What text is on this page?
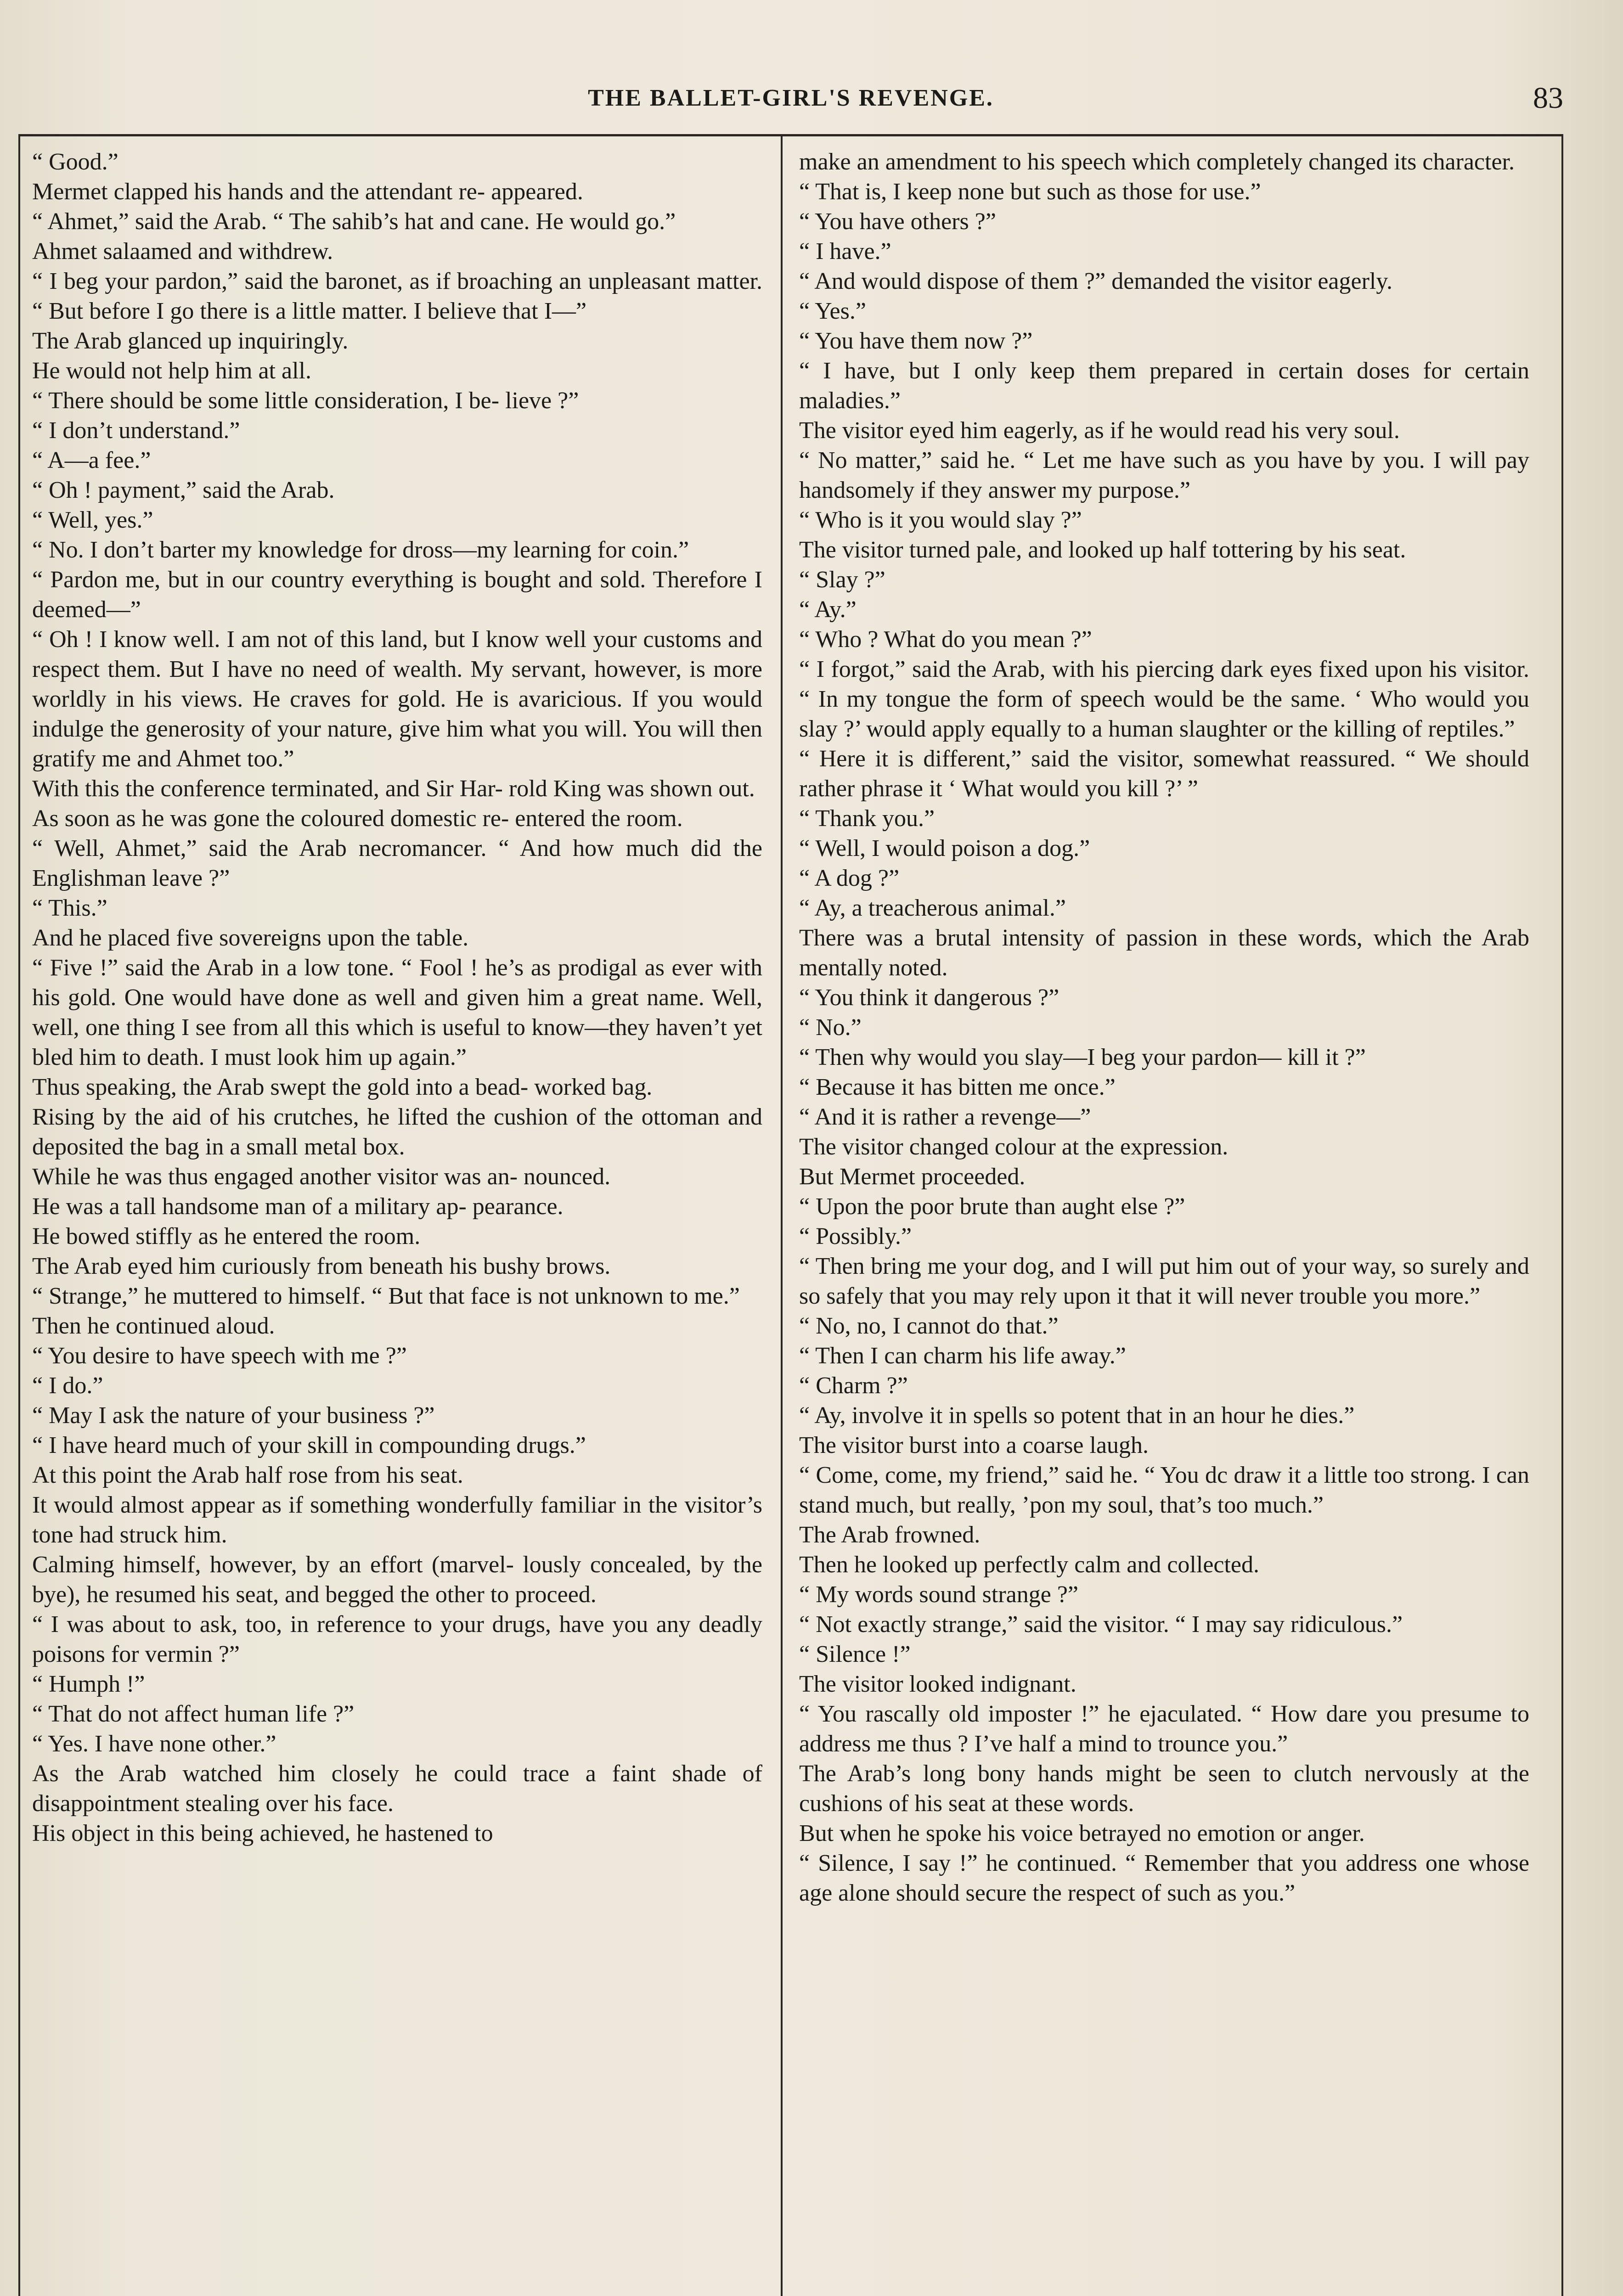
THE BALLET-GIRL'S REVENGE.	83

“ Good.”

Mermet clapped his hands and the attendant re- appeared.

“ Ahmet,” said the Arab. “ The sahib’s hat and cane. He would go.”

Ahmet salaamed and withdrew.

“ I beg your pardon,” said the baronet, as if broaching an unpleasant matter. “ But before I go there is a little matter. I believe that I—”

The Arab glanced up inquiringly.

He would not help him at all.

“ There should be some little consideration, I be- lieve ?”

“ I don’t understand.”

“ A—a fee.”

“ Oh ! payment,” said the Arab.

“ Well, yes.”

“ No. I don’t barter my knowledge for dross—my learning for coin.”

“ Pardon me, but in our country everything is bought and sold. Therefore I deemed—”

“ Oh ! I know well. I am not of this land, but I know well your customs and respect them. But I have no need of wealth. My servant, however, is more worldly in his views. He craves for gold. He is avaricious. If you would indulge the generosity of your nature, give him what you will. You will then gratify me and Ahmet too.”

With this the conference terminated, and Sir Har- rold King was shown out.

As soon as he was gone the coloured domestic re- entered the room.

“ Well, Ahmet,” said the Arab necromancer. “ And how much did the Englishman leave ?”

“ This.”

And he placed five sovereigns upon the table.

“ Five !” said the Arab in a low tone. “ Fool ! he’s as prodigal as ever with his gold. One would have done as well and given him a great name. Well, well, one thing I see from all this which is useful to know—they haven’t yet bled him to death. I must look him up again.”

Thus speaking, the Arab swept the gold into a bead- worked bag.

Rising by the aid of his crutches, he lifted the cushion of the ottoman and deposited the bag in a small metal box.

While he was thus engaged another visitor was an- nounced.

He was a tall handsome man of a military ap- pearance.

He bowed stiffly as he entered the room.

The Arab eyed him curiously from beneath his bushy brows.

“ Strange,” he muttered to himself. “ But that face is not unknown to me.”

Then he continued aloud.

“ You desire to have speech with me ?”

“ I do.”

“ May I ask the nature of your business ?”

“ I have heard much of your skill in compounding drugs.”

At this point the Arab half rose from his seat.

It would almost appear as if something wonderfully familiar in the visitor’s tone had struck him.

Calming himself, however, by an effort (marvel- lously concealed, by the bye), he resumed his seat, and begged the other to proceed.

“ I was about to ask, too, in reference to your drugs, have you any deadly poisons for vermin ?”

“ Humph !”

“ That do not affect human life ?”

“ Yes. I have none other.”

As the Arab watched him closely he could trace a faint shade of disappointment stealing over his face.

His object in this being achieved, he hastened to

make an amendment to his speech which completely changed its character.

“ That is, I keep none but such as those for use.”

“ You have others ?”

“ I have.”

“ And would dispose of them ?” demanded the visitor eagerly.

“ Yes.”

“ You have them now ?”

“ I have, but I only keep them prepared in certain doses for certain maladies.”

The visitor eyed him eagerly, as if he would read his very soul.

“ No matter,” said he. “ Let me have such as you have by you. I will pay handsomely if they answer my purpose.”

“ Who is it you would slay ?”

The visitor turned pale, and looked up half tottering by his seat.

“ Slay ?”

“ Ay.”

“ Who ? What do you mean ?”

“ I forgot,” said the Arab, with his piercing dark eyes fixed upon his visitor. “ In my tongue the form of speech would be the same. ‘ Who would you slay ?’ would apply equally to a human slaughter or the killing of reptiles.”

“ Here it is different,” said the visitor, somewhat reassured. “ We should rather phrase it ‘ What would you kill ?’ ”

“ Thank you.”

“ Well, I would poison a dog.”

“ A dog ?”

“ Ay, a treacherous animal.”

There was a brutal intensity of passion in these words, which the Arab mentally noted.

“ You think it dangerous ?”

“ No.”

“ Then why would you slay—I beg your pardon— kill it ?”

“ Because it has bitten me once.”

“ And it is rather a revenge—”

The visitor changed colour at the expression.

But Mermet proceeded.

“ Upon the poor brute than aught else ?”

“ Possibly.”

“ Then bring me your dog, and I will put him out of your way, so surely and so safely that you may rely upon it that it will never trouble you more.”

“ No, no, I cannot do that.”

“ Then I can charm his life away.”

“ Charm ?”

“ Ay, involve it in spells so potent that in an hour he dies.”

The visitor burst into a coarse laugh.

“ Come, come, my friend,” said he. “ You dc draw it a little too strong. I can stand much, but really, ’pon my soul, that’s too much.”

The Arab frowned.

Then he looked up perfectly calm and collected.

“ My words sound strange ?”

“ Not exactly strange,” said the visitor. “ I may say ridiculous.”

“ Silence !”

The visitor looked indignant.

“ You rascally old imposter !” he ejaculated. “ How dare you presume to address me thus ? I’ve half a mind to trounce you.”

The Arab’s long bony hands might be seen to clutch nervously at the cushions of his seat at these words.

But when he spoke his voice betrayed no emotion or anger.

“ Silence, I say !” he continued. “ Remember that you address one whose age alone should secure the respect of such as you.”
